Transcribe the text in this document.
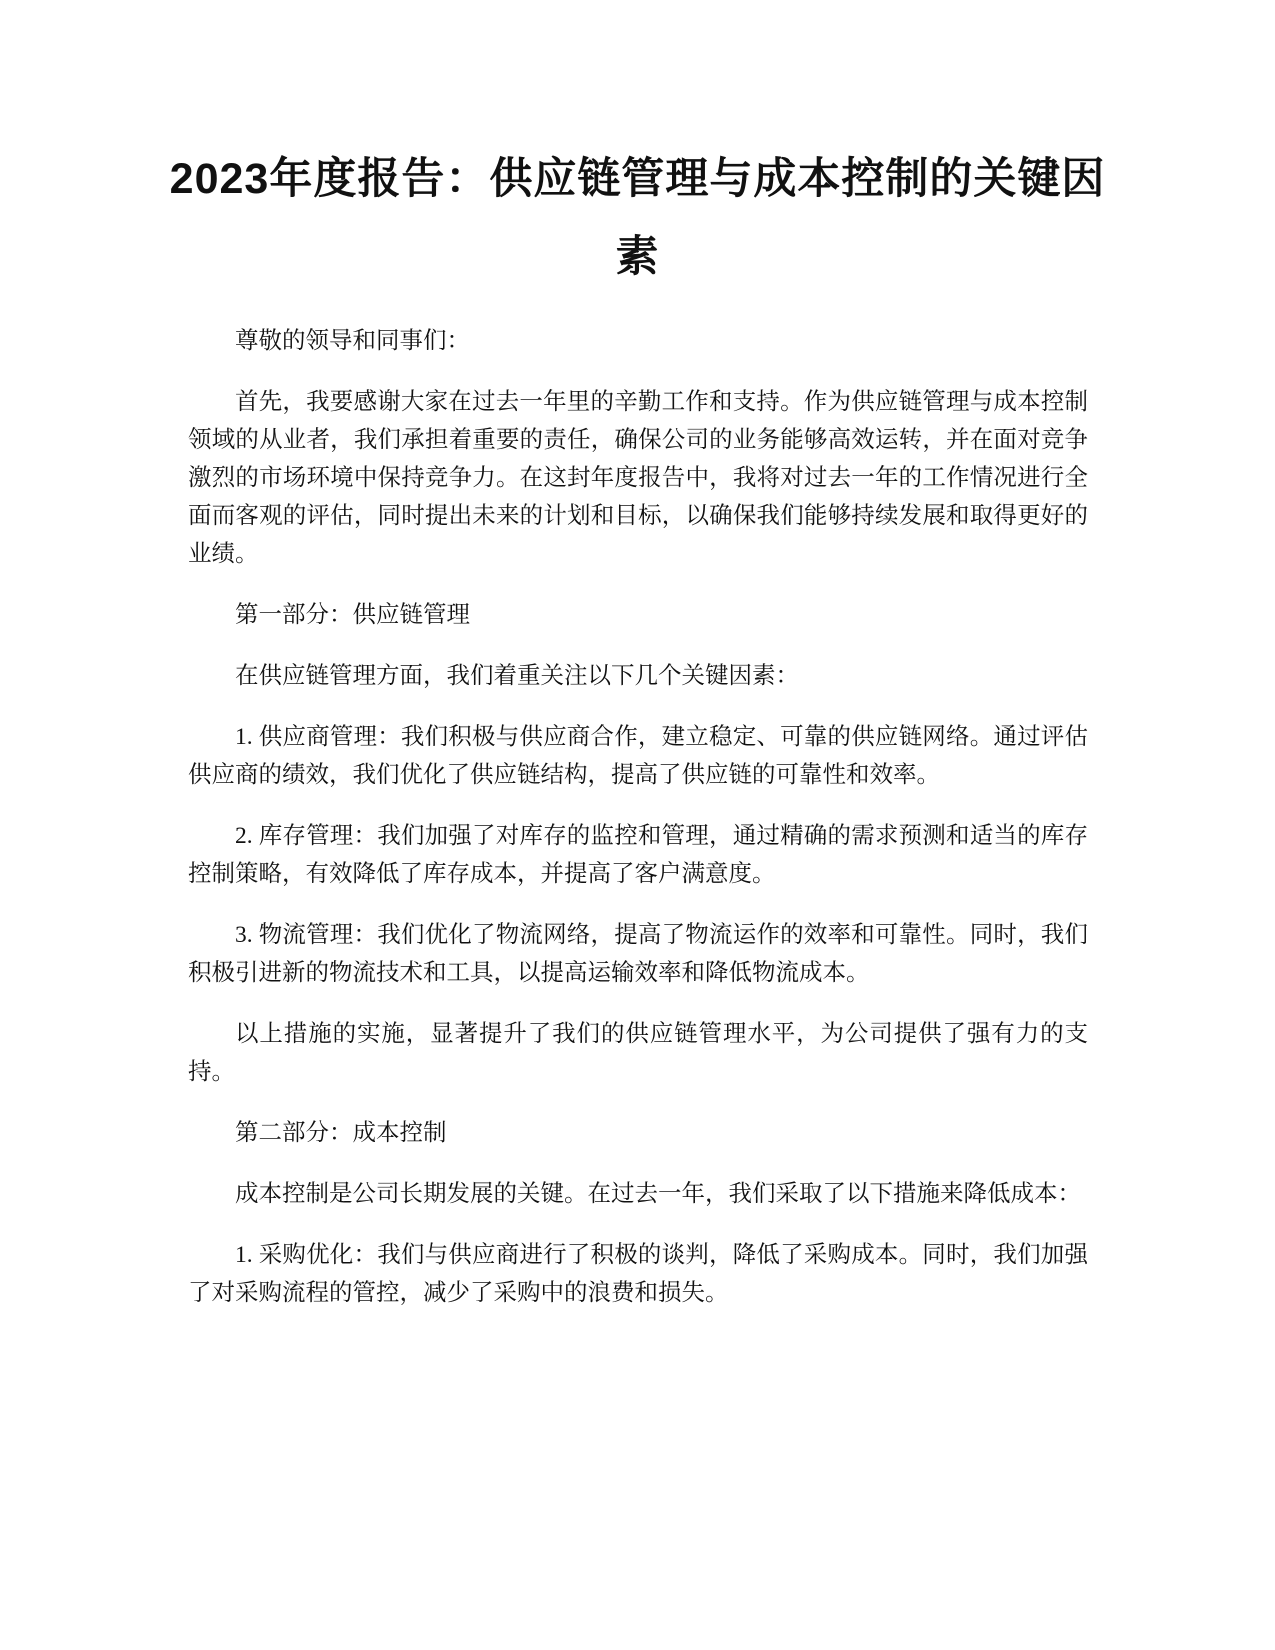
2023年度报告：供应链管理与成本控制的关键因素

尊敬的领导和同事们：

首先，我要感谢大家在过去一年里的辛勤工作和支持。作为供应链管理与成本控制领域的从业者，我们承担着重要的责任，确保公司的业务能够高效运转，并在面对竞争激烈的市场环境中保持竞争力。在这封年度报告中，我将对过去一年的工作情况进行全面而客观的评估，同时提出未来的计划和目标，以确保我们能够持续发展和取得更好的业绩。

第一部分：供应链管理

在供应链管理方面，我们着重关注以下几个关键因素：

1. 供应商管理：我们积极与供应商合作，建立稳定、可靠的供应链网络。通过评估供应商的绩效，我们优化了供应链结构，提高了供应链的可靠性和效率。

2. 库存管理：我们加强了对库存的监控和管理，通过精确的需求预测和适当的库存控制策略，有效降低了库存成本，并提高了客户满意度。

3. 物流管理：我们优化了物流网络，提高了物流运作的效率和可靠性。同时，我们积极引进新的物流技术和工具，以提高运输效率和降低物流成本。

以上措施的实施，显著提升了我们的供应链管理水平，为公司提供了强有力的支持。

第二部分：成本控制

成本控制是公司长期发展的关键。在过去一年，我们采取了以下措施来降低成本：

1. 采购优化：我们与供应商进行了积极的谈判，降低了采购成本。同时，我们加强了对采购流程的管控，减少了采购中的浪费和损失。
